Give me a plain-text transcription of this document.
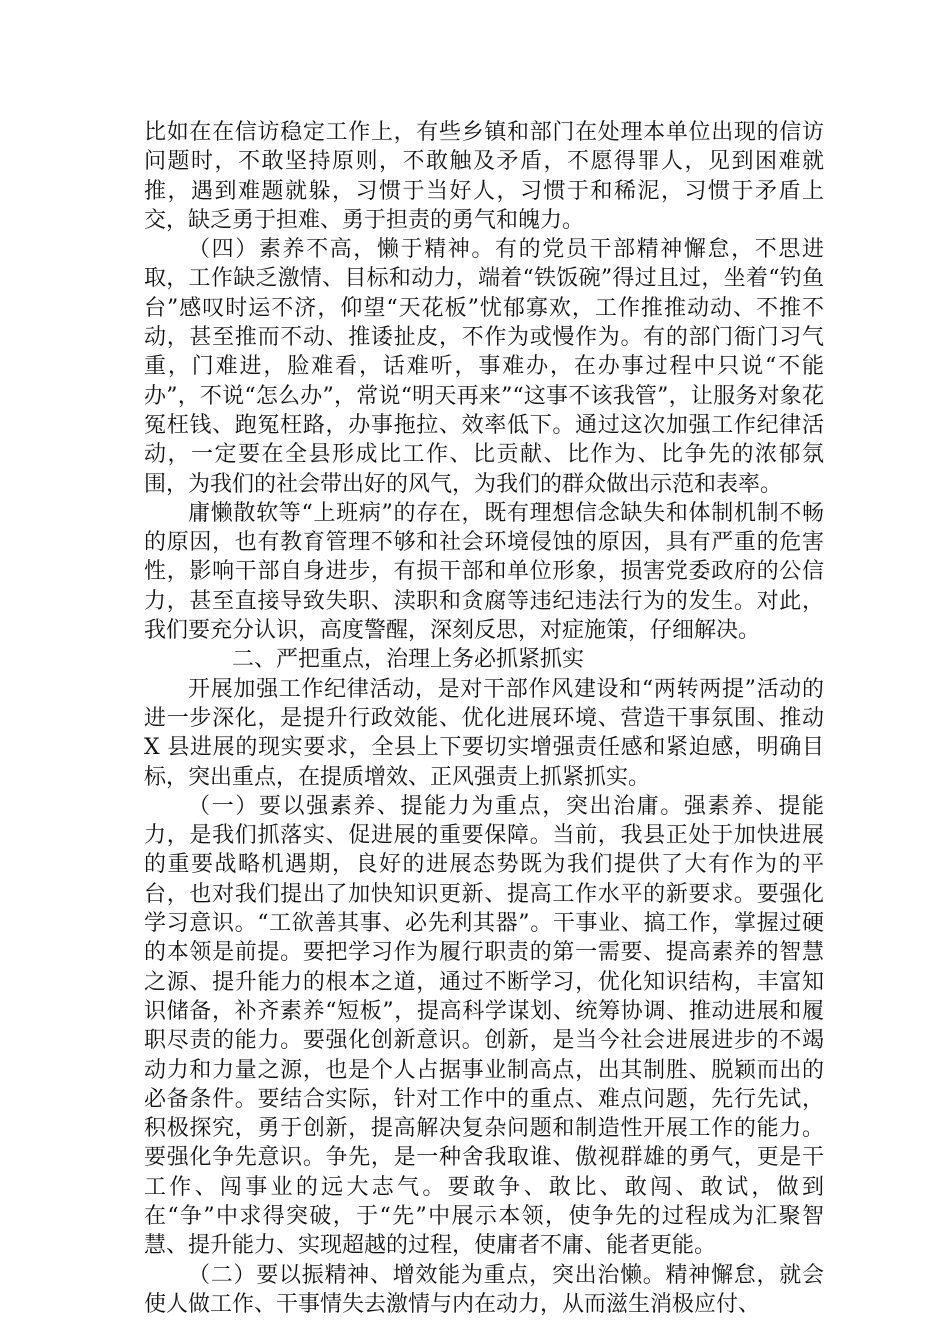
比如在在信访稳定工作上，有些乡镇和部门在处理本单位出现的信访问题时，不敢坚持原则，不敢触及矛盾，不愿得罪人，见到困难就推，遇到难题就躲，习惯于当好人，习惯于和稀泥，习惯于矛盾上交，缺乏勇于担难、勇于担责的勇气和魄力。

（四）素养不高，懒于精神。有的党员干部精神懈怠，不思进取，工作缺乏激情、目标和动力，端着“铁饭碗”得过且过，坐着“钓鱼台”感叹时运不济，仰望“天花板”忧郁寡欢，工作推推动动、不推不动，甚至推而不动、推诿扯皮，不作为或慢作为。有的部门衙门习气重，门难进，脸难看，话难听，事难办，在办事过程中只说“不能办”，不说“怎么办”，常说“明天再来”“这事不该我管”，让服务对象花冤枉钱、跑冤枉路，办事拖拉、效率低下。通过这次加强工作纪律活动，一定要在全县形成比工作、比贡献、比作为、比争先的浓郁氛围，为我们的社会带出好的风气，为我们的群众做出示范和表率。

庸懒散软等“上班病”的存在，既有理想信念缺失和体制机制不畅的原因，也有教育管理不够和社会环境侵蚀的原因，具有严重的危害性，影响干部自身进步，有损干部和单位形象，损害党委政府的公信力，甚至直接导致失职、渎职和贪腐等违纪违法行为的发生。对此，我们要充分认识，高度警醒，深刻反思，对症施策，仔细解决。

二、严把重点，治理上务必抓紧抓实

开展加强工作纪律活动，是对干部作风建设和“两转两提”活动的进一步深化，是提升行政效能、优化进展环境、营造干事氛围、推动 X 县进展的现实要求，全县上下要切实增强责任感和紧迫感，明确目标，突出重点，在提质增效、正风强责上抓紧抓实。

（一）要以强素养、提能力为重点，突出治庸。强素养、提能力，是我们抓落实、促进展的重要保障。当前，我县正处于加快进展的重要战略机遇期，良好的进展态势既为我们提供了大有作为的平台，也对我们提出了加快知识更新、提高工作水平的新要求。要强化学习意识。“工欲善其事、必先利其器”。干事业、搞工作，掌握过硬的本领是前提。要把学习作为履行职责的第一需要、提高素养的智慧之源、提升能力的根本之道，通过不断学习，优化知识结构，丰富知识储备，补齐素养“短板”，提高科学谋划、统筹协调、推动进展和履职尽责的能力。要强化创新意识。创新，是当今社会进展进步的不竭动力和力量之源，也是个人占据事业制高点，出其制胜、脱颖而出的必备条件。要结合实际，针对工作中的重点、难点问题，先行先试，积极探究，勇于创新，提高解决复杂问题和制造性开展工作的能力。要强化争先意识。争先，是一种舍我取谁、傲视群雄的勇气，更是干工作、闯事业的远大志气。要敢争、敢比、敢闯、敢试，做到在“争”中求得突破，于“先”中展示本领，使争先的过程成为汇聚智慧、提升能力、实现超越的过程，使庸者不庸、能者更能。

（二）要以振精神、增效能为重点，突出治懒。精神懈怠，就会使人做工作、干事情失去激情与内在动力，从而滋生消极应付、
